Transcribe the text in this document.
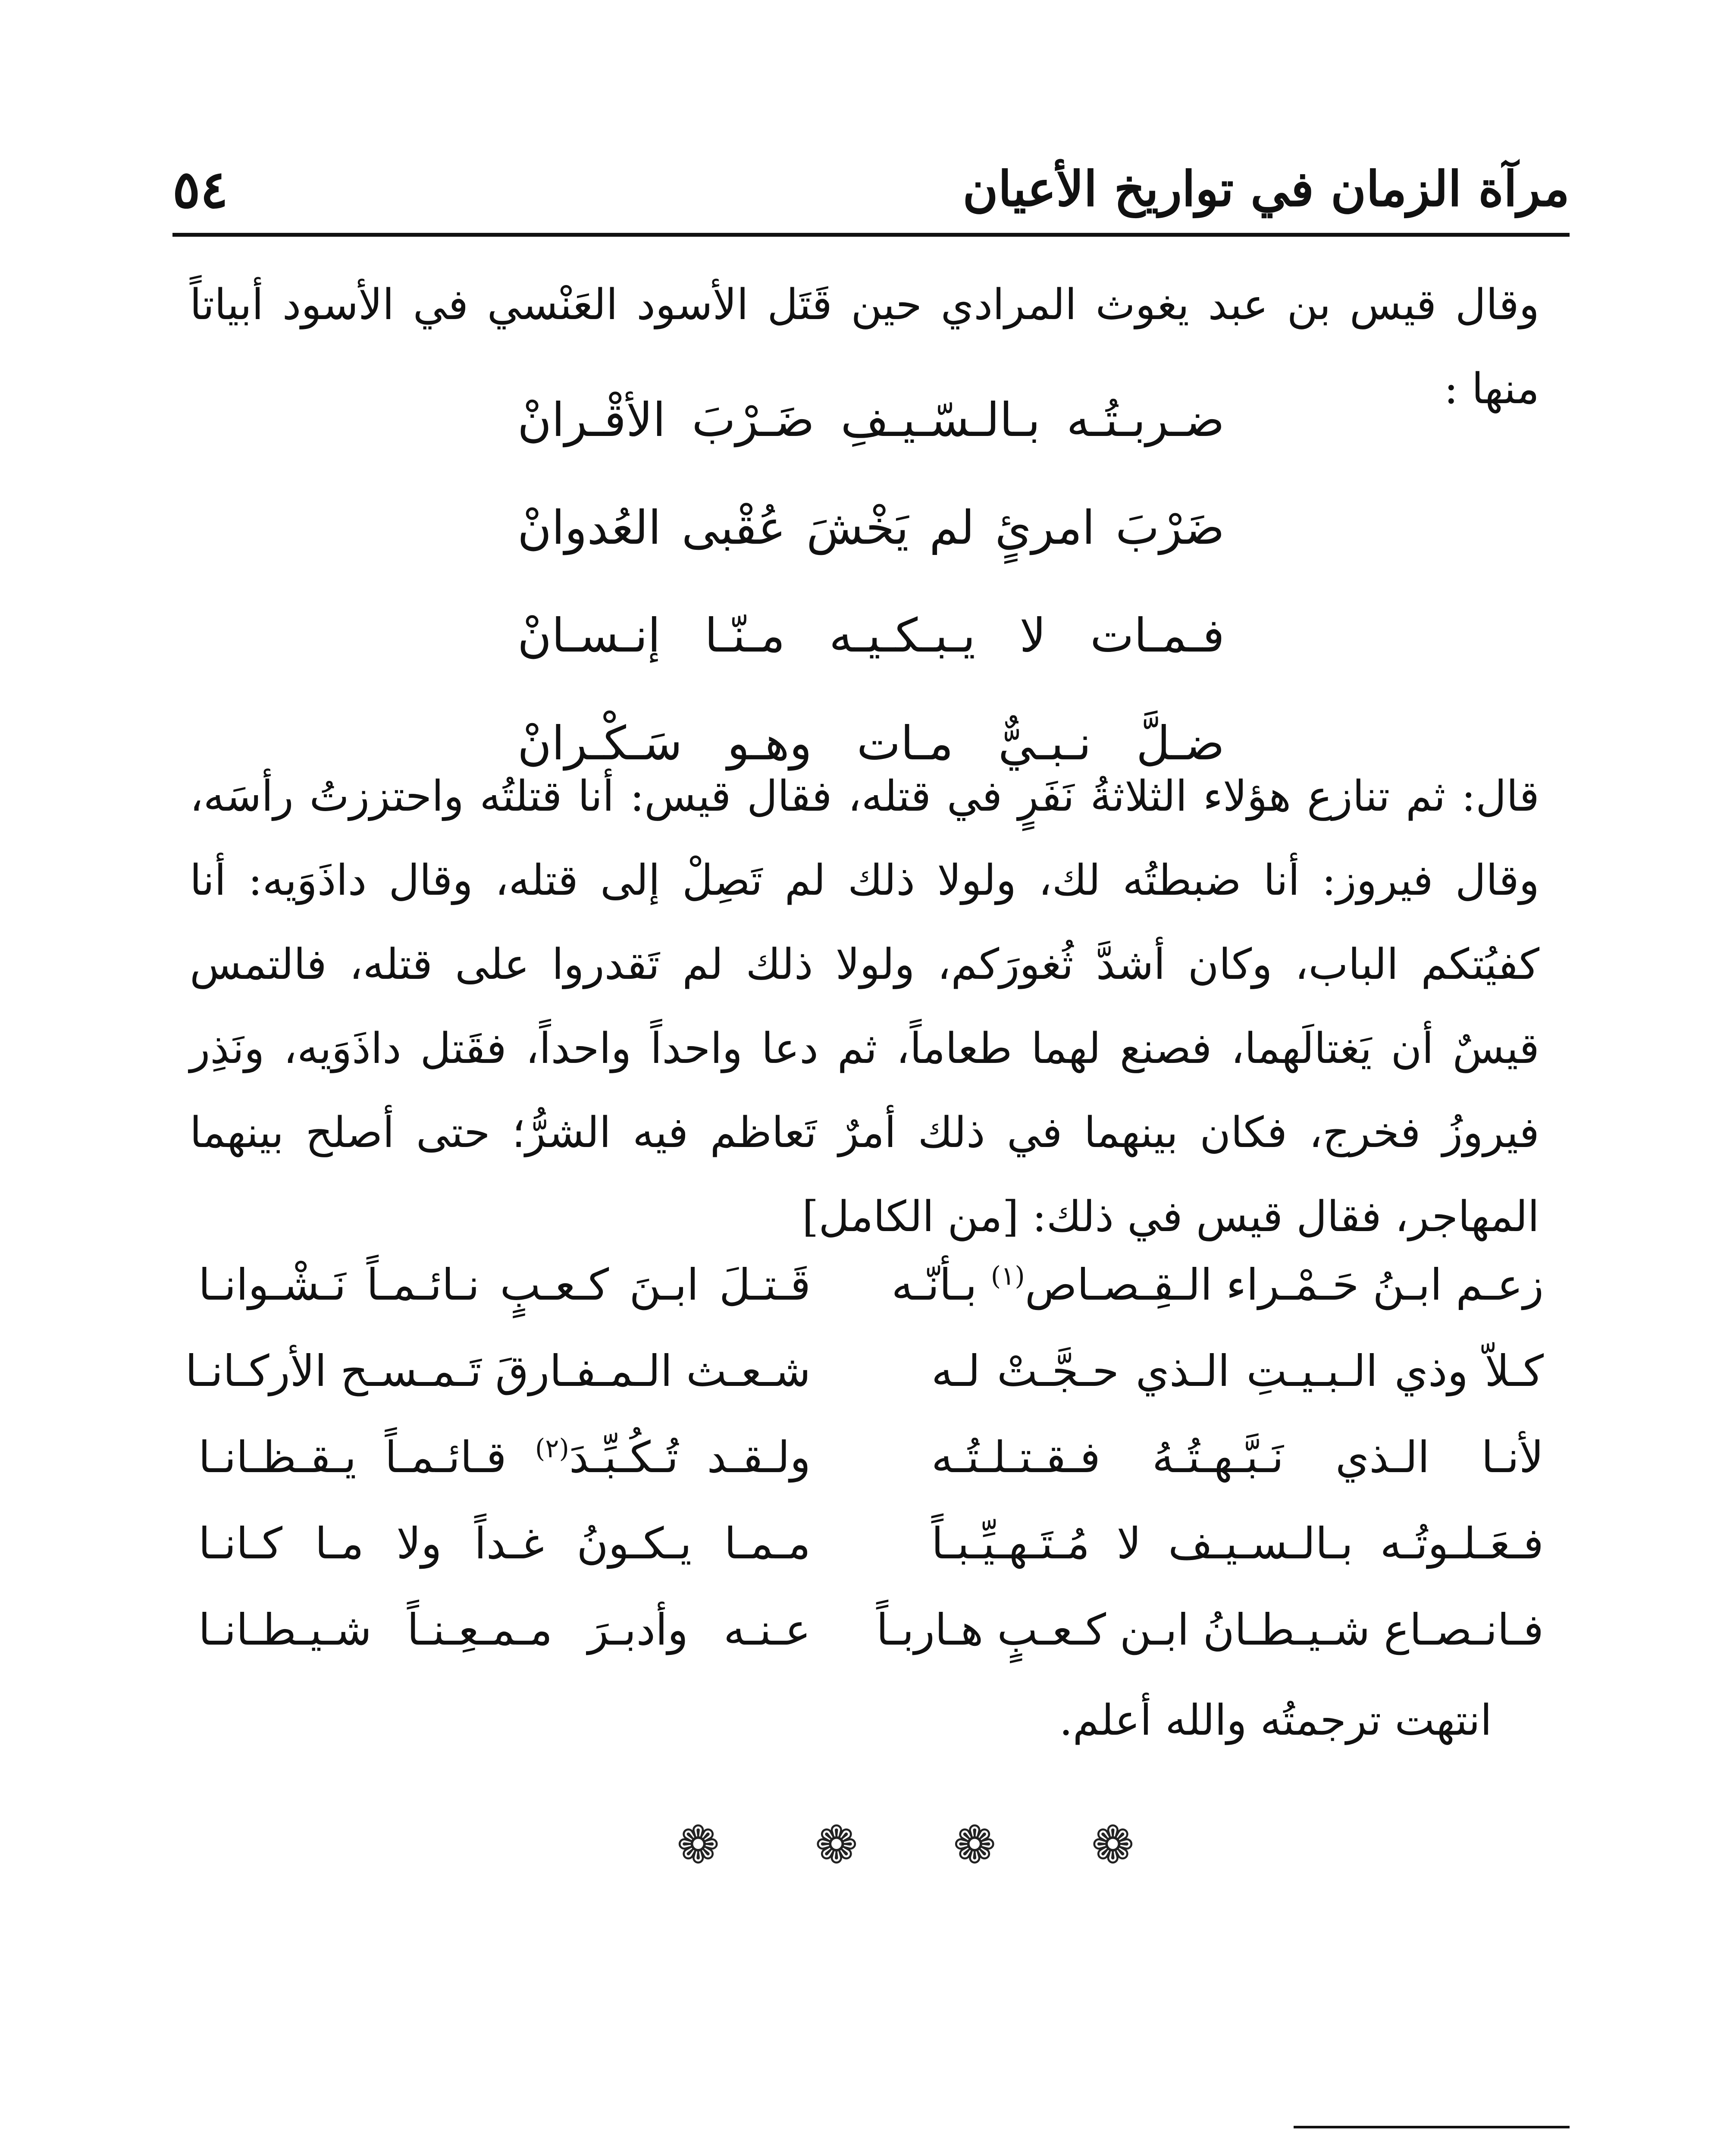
مرآة الزمان في تواريخ الأعيان
٥٤
وقال قيس بن عبد يغوث المرادي حين قَتَل الأسود العَنْسي في الأسود أبياتاً منها :
ضـربـتُـه بـالـسّـيـفِ ضَـرْبَ الأقْـرانْ
ضَرْبَ امرئٍ لم يَخْشَ عُقْبى العُدوانْ
فـمـات لا يـبـكـيـه مـنّـا إنـسـانْ
ضـلَّ نـبـيٌّ مـات وهـو سَـكْـرانْ
قال: ثم تنازع هؤلاء الثلاثةُ نَفَرٍ في قتله، فقال قيس: أنا قتلتُه واحتززتُ رأسَه، وقال فيروز: أنا ضبطتُه لك، ولولا ذلك لم تَصِلْ إلى قتله، وقال داذَوَيه: أنا كفيُتكم الباب، وكان أشدَّ ثُغورَكم، ولولا ذلك لم تَقدروا على قتله، فالتمس قيسٌ أن يَغتالَهما، فصنع لهما طعاماً، ثم دعا واحداً واحداً، فقَتل داذَوَيه، ونَذِر فيروزُ فخرج، فكان بينهما في ذلك أمرٌ تَعاظم فيه الشرُّ؛ حتى أصلح بينهما المهاجر، فقال قيس في ذلك: [من الكامل]
زعـم ابـنُ حَـمْـراء الـقِـصـاص$^{(١)}$ بـأنّـه
قَـتـلَ ابـنَ كـعـبٍ نـائـمـاً نَـشْـوانـا
كـلاّ وذي الـبـيـتِ الـذي حـجَّـتْ لـه
شـعـث الـمـفـارقَ تَـمـسـح الأركـانـا
لأنـا الـذي نَـبَّـهـتُـهُ فـقـتـلـتُـه
ولـقـد تُـكُـبِّـدَ$^{(٢)}$ قـائـمـاً يـقـظـانـا
فـعَـلـوتُـه بـالـسـيـف لا مُـتَـهـيِّـبـاً
مـمـا يـكـونُ غـداً ولا مـا كـانـا
فـانـصـاع شـيـطـانُ ابـن كـعـبٍ هـاربـاً
عـنـه وأدبـرَ مـمـعِـنـاً شـيـطـانـا
انتهت ترجمتُه والله أعلم.
❁ ❁ ❁ ❁
